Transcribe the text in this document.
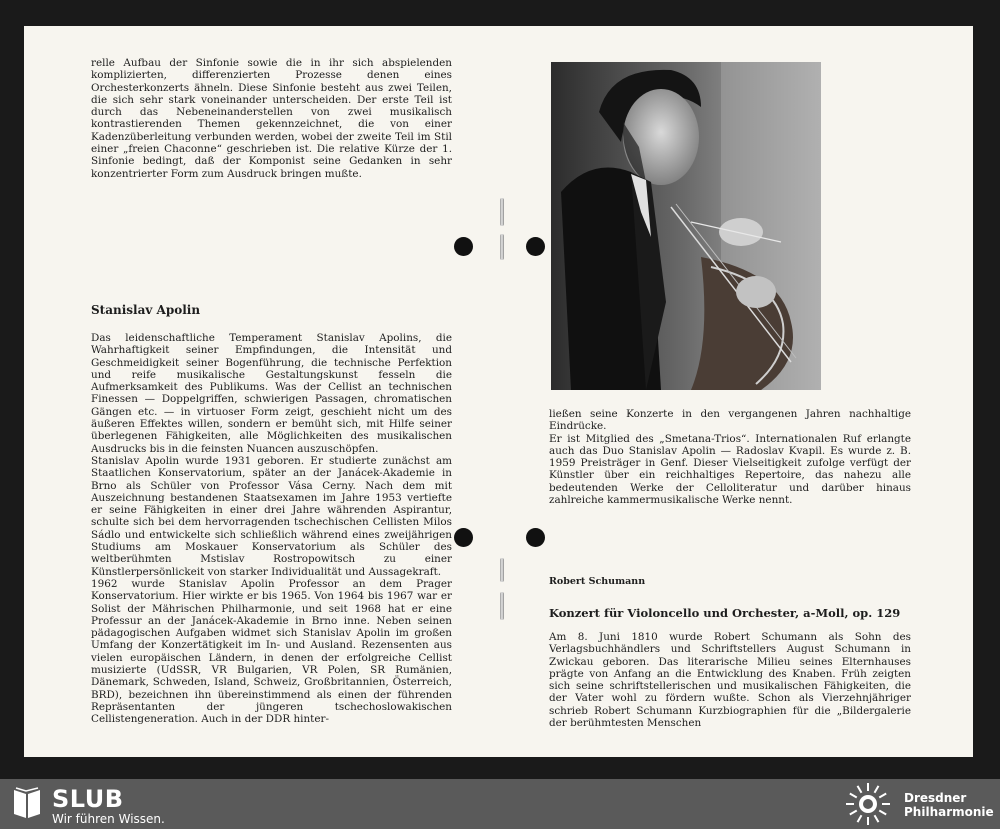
relle Aufbau der Sinfonie sowie die in ihr sich abspielenden komplizierten, differenzierten Prozesse denen eines Orchesterkonzerts ähneln. Diese Sinfonie besteht aus zwei Teilen, die sich sehr stark voneinander unterscheiden. Der erste Teil ist durch das Nebeneinanderstellen von zwei musikalisch kontrastierenden Themen gekennzeichnet, die von einer Kadenzüberleitung verbunden werden, wobei der zweite Teil im Stil einer „freien Chaconne“ geschrieben ist. Die relative Kürze der 1. Sinfonie bedingt, daß der Komponist seine Gedanken in sehr konzentrierter Form zum Ausdruck bringen mußte.

Stanislav Apolin

Das leidenschaftliche Temperament Stanislav Apolins, die Wahrhaftigkeit seiner Empfindungen, die Intensität und Geschmeidigkeit seiner Bogenführung, die technische Perfektion und reife musikalische Gestaltungskunst fesseln die Aufmerksamkeit des Publikums. Was der Cellist an technischen Finessen — Doppelgriffen, schwierigen Passagen, chromatischen Gängen etc. — in virtuoser Form zeigt, geschieht nicht um des äußeren Effektes willen, sondern er bemüht sich, mit Hilfe seiner überlegenen Fähigkeiten, alle Möglichkeiten des musikalischen Ausdrucks bis in die feinsten Nuancen auszuschöpfen.

Stanislav Apolin wurde 1931 geboren. Er studierte zunächst am Staatlichen Konservatorium, später an der Janácek-Akademie in Brno als Schüler von Professor Vása Cerny. Nach dem mit Auszeichnung bestandenen Staatsexamen im Jahre 1953 vertiefte er seine Fähigkeiten in einer drei Jahre währenden Aspirantur, schulte sich bei dem hervorragenden tschechischen Cellisten Milos Sádlo und entwickelte sich schließlich während eines zweijährigen Studiums am Moskauer Konservatorium als Schüler des weltberühmten Mstislav Rostropowitsch zu einer Künstlerpersönlickeit von starker Individualität und Aussagekraft.

1962 wurde Stanislav Apolin Professor an dem Prager Konservatorium. Hier wirkte er bis 1965. Von 1964 bis 1967 war er Solist der Mährischen Philharmonie, und seit 1968 hat er eine Professur an der Janácek-Akademie in Brno inne. Neben seinen pädagogischen Aufgaben widmet sich Stanislav Apolin im großen Umfang der Konzertätigkeit im In- und Ausland. Rezensenten aus vielen europäischen Ländern, in denen der erfolgreiche Cellist musizierte (UdSSR, VR Bulgarien, VR Polen, SR Rumänien, Dänemark, Schweden, Island, Schweiz, Großbritannien, Österreich, BRD), bezeichnen ihn übereinstimmend als einen der führenden Repräsentanten der jüngeren tschechoslowakischen Cellistengeneration. Auch in der DDR hinter-

ließen seine Konzerte in den vergangenen Jahren nachhaltige Eindrücke.

Er ist Mitglied des „Smetana-Trios“. Internationalen Ruf erlangte auch das Duo Stanislav Apolin — Radoslav Kvapil. Es wurde z. B. 1959 Preisträger in Genf. Dieser Vielseitigkeit zufolge verfügt der Künstler über ein reichhaltiges Repertoire, das nahezu alle bedeutenden Werke der Celloliteratur und darüber hinaus zahlreiche kammermusikalische Werke nennt.

Robert Schumann

Konzert für Violoncello und Orchester, a-Moll, op. 129

Am 8. Juni 1810 wurde Robert Schumann als Sohn des Verlagsbuchhändlers und Schriftstellers August Schumann in Zwickau geboren. Das literarische Milieu seines Elternhauses prägte von Anfang an die Entwicklung des Knaben. Früh zeigten sich seine schriftstellerischen und musikalischen Fähigkeiten, die der Vater wohl zu fördern wußte. Schon als Vierzehnjähriger schrieb Robert Schumann Kurzbiographien für die „Bildergalerie der berühmtesten Menschen

SLUB
Wir führen Wissen.
Dresdner
Philharmonie
